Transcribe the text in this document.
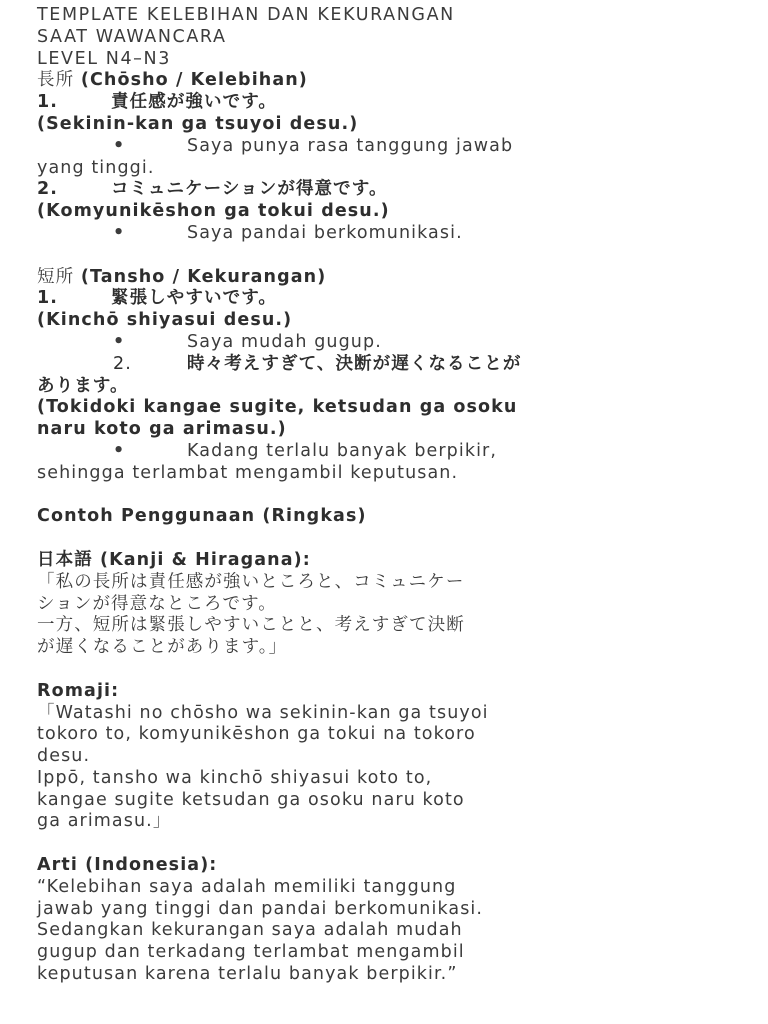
TEMPLATE KELEBIHAN DAN KEKURANGAN
SAAT WAWANCARA
LEVEL N4–N3
長所 (Chōsho / Kelebihan)
1.	責任感が強いです。
(Sekinin-kan ga tsuyoi desu.)
•	Saya punya rasa tanggung jawab
yang tinggi.
2.	コミュニケーションが得意です。
(Komyunikēshon ga tokui desu.)
•	Saya pandai berkomunikasi.
短所 (Tansho / Kekurangan)
1.	緊張しやすいです。
(Kinchō shiyasui desu.)
•	Saya mudah gugup.
2.	時々考えすぎて、決断が遅くなることが
あります。
(Tokidoki kangae sugite, ketsudan ga osoku
naru koto ga arimasu.)
•	Kadang terlalu banyak berpikir,
sehingga terlambat mengambil keputusan.
Contoh Penggunaan (Ringkas)
日本語 (Kanji & Hiragana):
「私の長所は責任感が強いところと、コミュニケー
ションが得意なところです。
一方、短所は緊張しやすいことと、考えすぎて決断
が遅くなることがあります。」
Romaji:
「Watashi no chōsho wa sekinin-kan ga tsuyoi
tokoro to, komyunikēshon ga tokui na tokoro
desu.
Ippō, tansho wa kinchō shiyasui koto to,
kangae sugite ketsudan ga osoku naru koto
ga arimasu.」
Arti (Indonesia):
“Kelebihan saya adalah memiliki tanggung
jawab yang tinggi dan pandai berkomunikasi.
Sedangkan kekurangan saya adalah mudah
gugup dan terkadang terlambat mengambil
keputusan karena terlalu banyak berpikir.”
